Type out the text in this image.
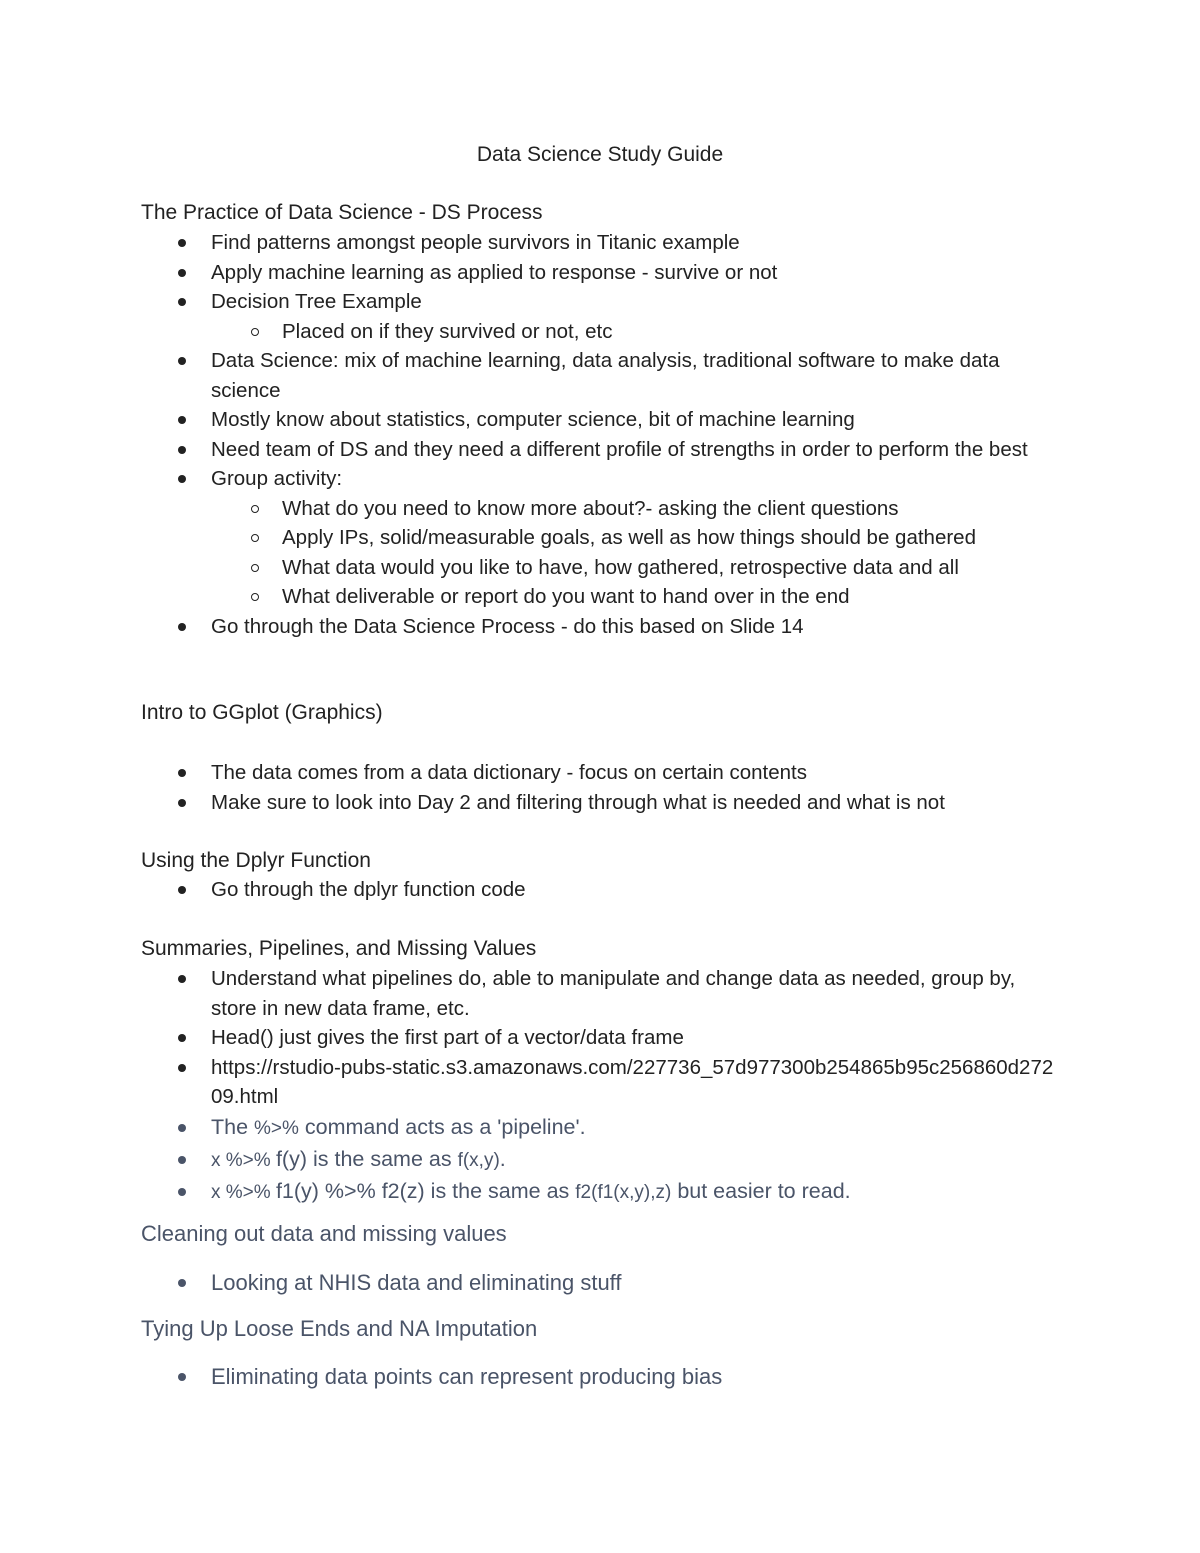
Data Science Study Guide
The Practice of Data Science - DS Process
Find patterns amongst people survivors in Titanic example
Apply machine learning as applied to response - survive or not
Decision Tree Example
Placed on if they survived or not, etc
Data Science: mix of machine learning, data analysis, traditional software to make data science
Mostly know about statistics, computer science, bit of machine learning
Need team of DS and they need a different profile of strengths in order to perform the best
Group activity:
What do you need to know more about?- asking the client questions
Apply IPs, solid/measurable goals, as well as how things should be gathered
What data would you like to have, how gathered, retrospective data and all
What deliverable or report do you want to hand over in the end
Go through the Data Science Process - do this based on Slide 14
Intro to GGplot (Graphics)
The data comes from a data dictionary - focus on certain contents
Make sure to look into Day 2 and filtering through what is needed and what is not
Using the Dplyr Function
Go through the dplyr function code
Summaries, Pipelines, and Missing Values
Understand what pipelines do, able to manipulate and change data as needed, group by, store in new data frame, etc.
Head() just gives the first part of a vector/data frame
https://rstudio-pubs-static.s3.amazonaws.com/227736_57d977300b254865b95c256860d27209.html
The %>% command acts as a 'pipeline'.
x %>% f(y) is the same as f(x,y).
x %>% f1(y) %>% f2(z) is the same as f2(f1(x,y),z) but easier to read.
Cleaning out data and missing values
Looking at NHIS data and eliminating stuff
Tying Up Loose Ends and NA Imputation
Eliminating data points can represent producing bias
